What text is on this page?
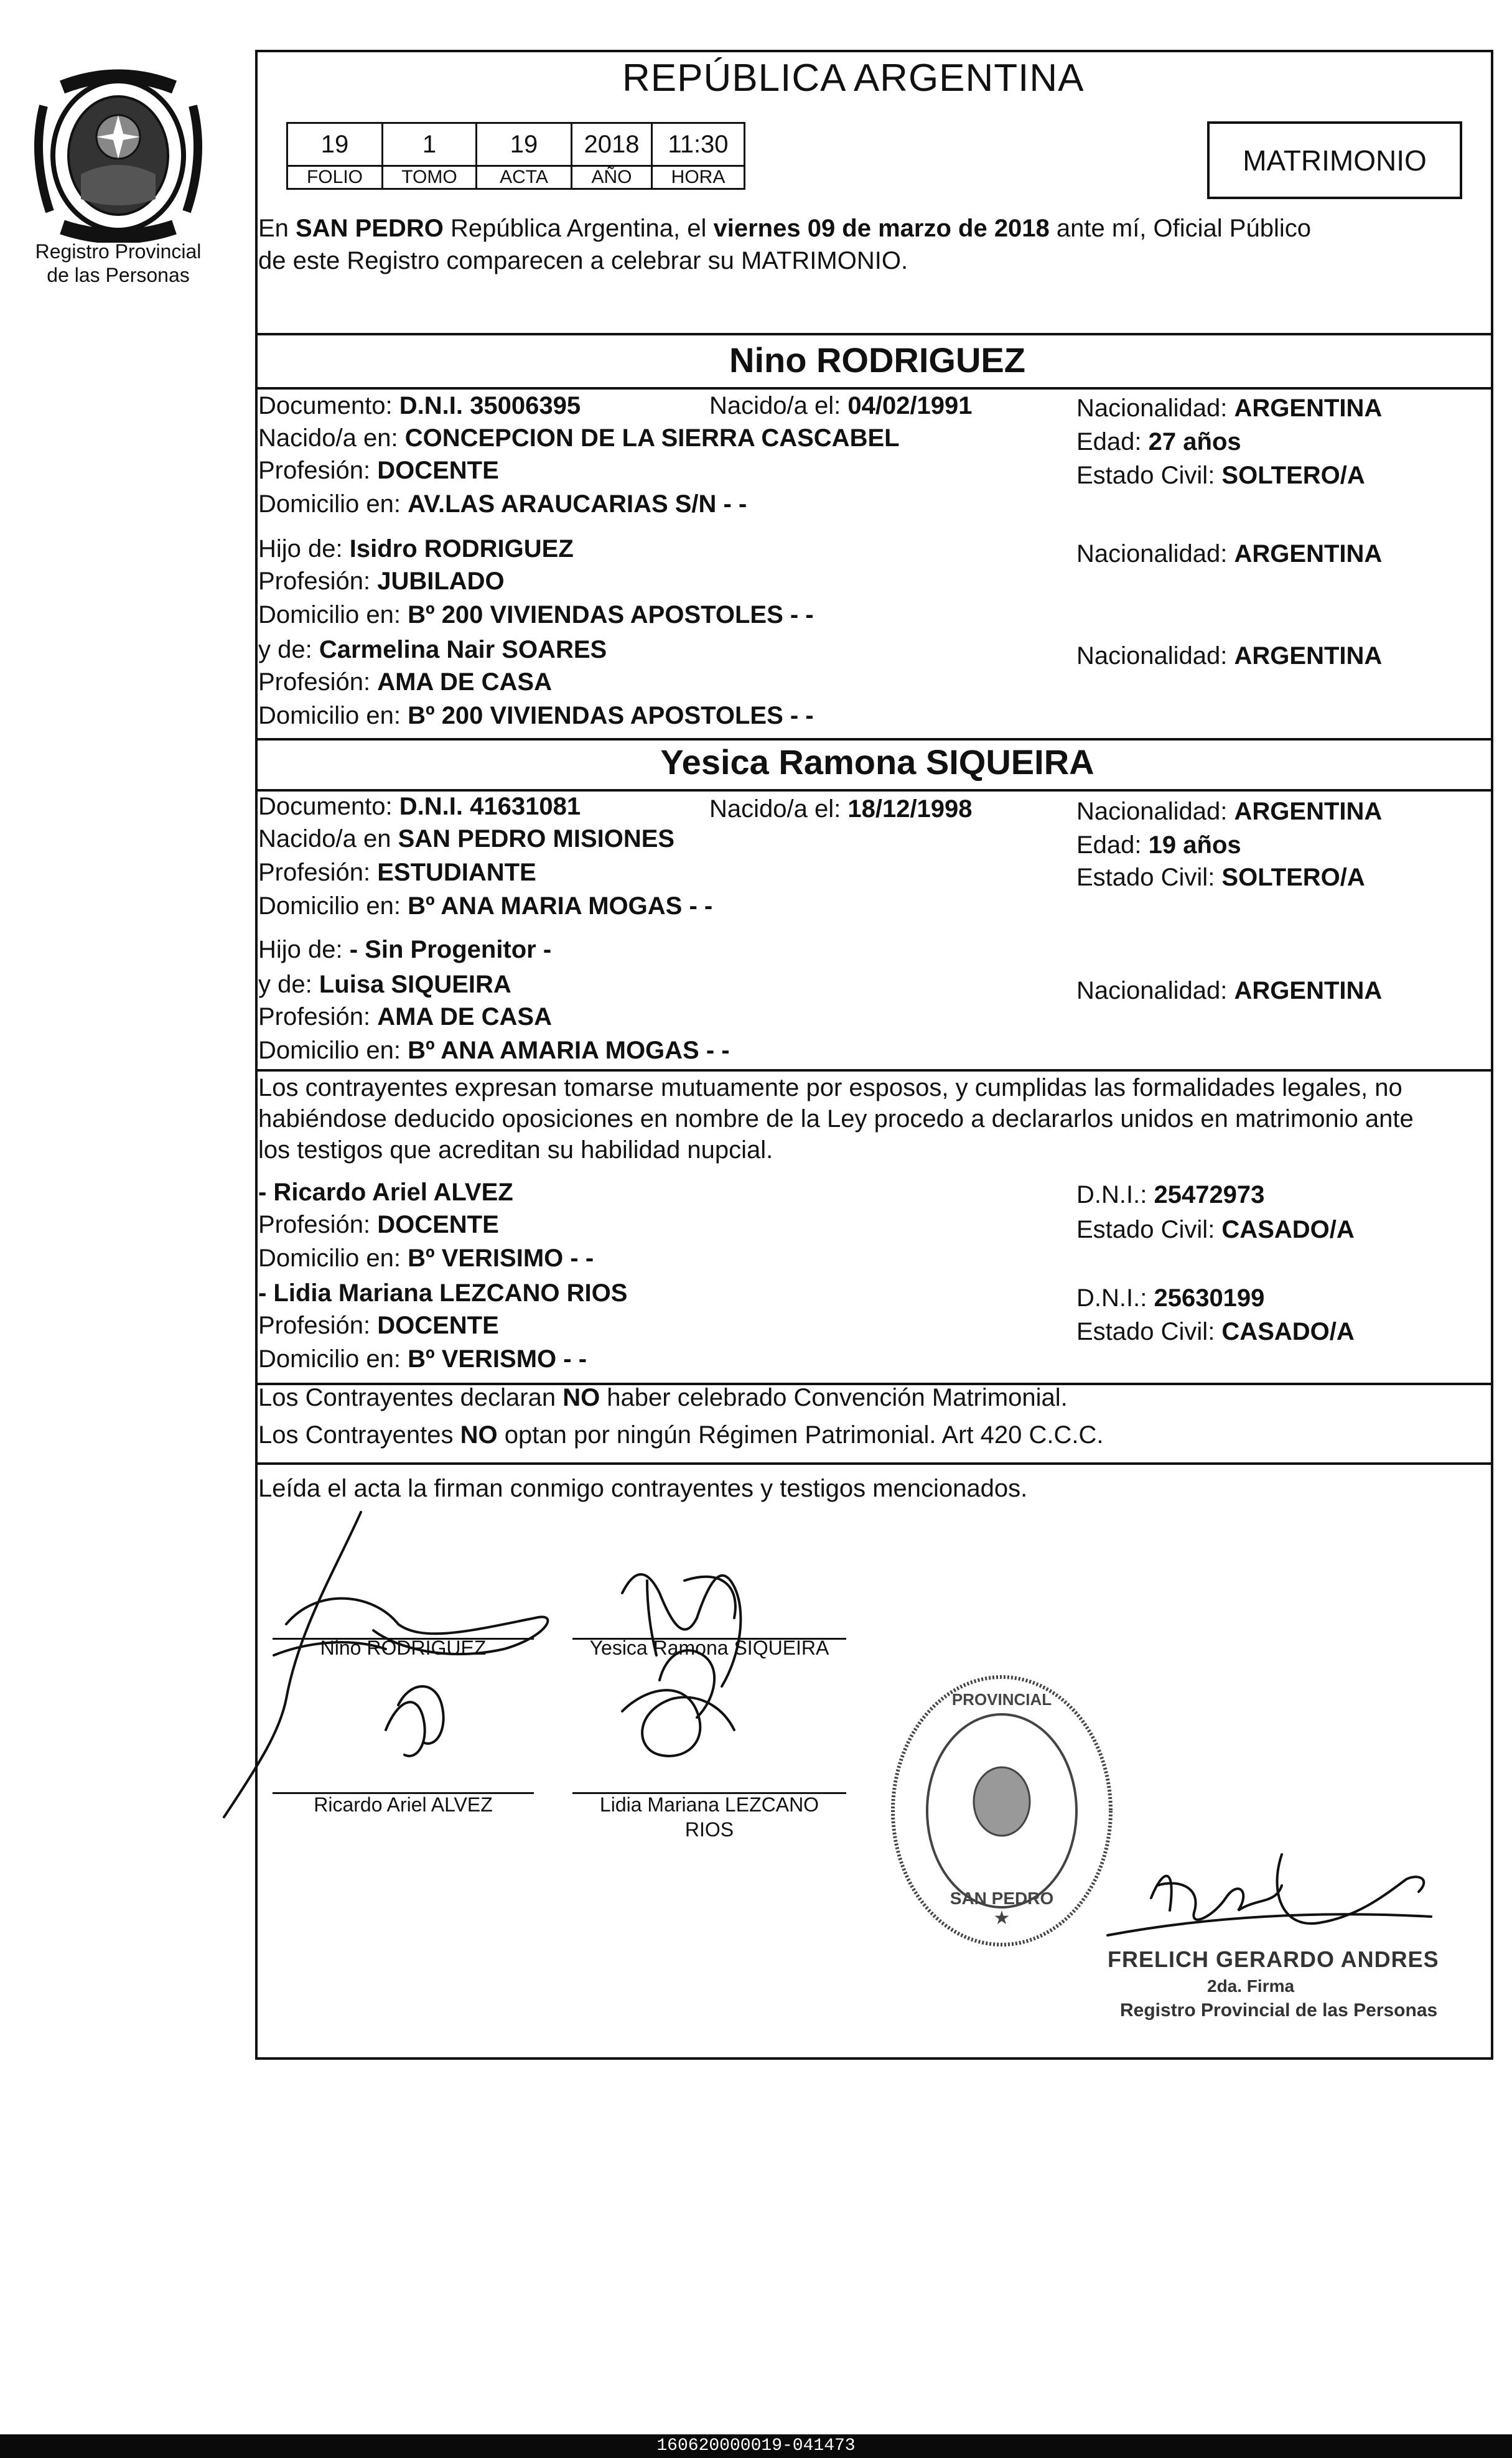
Registro Provincial
de las Personas
REPÚBLICA ARGENTINA
19	1	19	2018	11:30
FOLIO	TOMO	ACTA	AÑO	HORA
MATRIMONIO
En SAN PEDRO República Argentina, el viernes 09 de marzo de 2018 ante mí, Oficial Público
de este Registro comparecen a celebrar su MATRIMONIO.
Nino RODRIGUEZ
Documento: D.N.I. 35006395	Nacido/a el: 04/02/1991	Nacionalidad: ARGENTINA
Nacido/a en: CONCEPCION DE LA SIERRA CASCABEL	Edad: 27 años
Profesión: DOCENTE	Estado Civil: SOLTERO/A
Domicilio en: AV.LAS ARAUCARIAS S/N - -
Hijo de: Isidro RODRIGUEZ	Nacionalidad: ARGENTINA
Profesión: JUBILADO
Domicilio en: Bº 200 VIVIENDAS APOSTOLES - -
y de: Carmelina Nair SOARES	Nacionalidad: ARGENTINA
Profesión: AMA DE CASA
Domicilio en: Bº 200 VIVIENDAS APOSTOLES - -
Yesica Ramona SIQUEIRA
Documento: D.N.I. 41631081	Nacido/a el: 18/12/1998	Nacionalidad: ARGENTINA
Nacido/a en SAN PEDRO MISIONES	Edad: 19 años
Profesión: ESTUDIANTE	Estado Civil: SOLTERO/A
Domicilio en: Bº ANA MARIA MOGAS - -
Hijo de: - Sin Progenitor -
y de: Luisa SIQUEIRA	Nacionalidad: ARGENTINA
Profesión: AMA DE CASA
Domicilio en: Bº ANA AMARIA MOGAS - -
Los contrayentes expresan tomarse mutuamente por esposos, y cumplidas las formalidades legales, no
habiéndose deducido oposiciones en nombre de la Ley procedo a declararlos unidos en matrimonio ante
los testigos que acreditan su habilidad nupcial.
- Ricardo Ariel ALVEZ	D.N.I.: 25472973
Profesión: DOCENTE	Estado Civil: CASADO/A
Domicilio en: Bº VERISIMO - -
- Lidia Mariana LEZCANO RIOS	D.N.I.: 25630199
Profesión: DOCENTE	Estado Civil: CASADO/A
Domicilio en: Bº VERISMO - -
Los Contrayentes declaran NO haber celebrado Convención Matrimonial.
Los Contrayentes NO optan por ningún Régimen Patrimonial. Art 420 C.C.C.
Leída el acta la firman conmigo contrayentes y testigos mencionados.
Nino RODRIGUEZ	Yesica Ramona SIQUEIRA
Ricardo Ariel ALVEZ	Lidia Mariana LEZCANO
RIOS
PROVINCIAL
SAN PEDRO
★
FRELICH GERARDO ANDRES
2da. Firma
Registro Provincial de las Personas
160620000019-041473
